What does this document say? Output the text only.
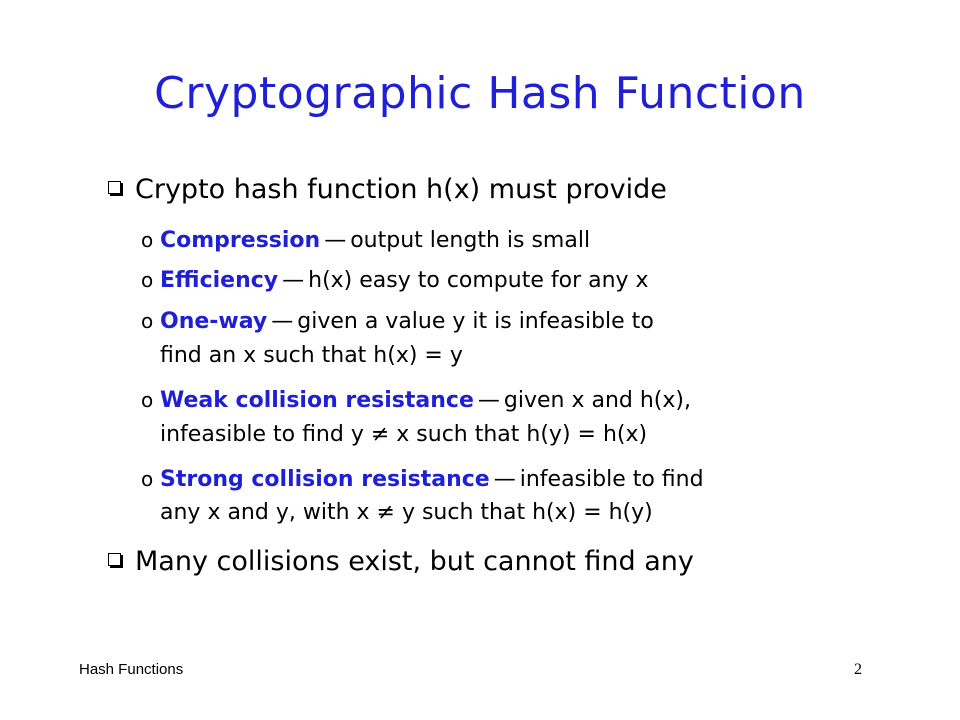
Cryptographic Hash Function
Crypto hash function h(x) must provide
o Compression — output length is small
o Efficiency — h(x) easy to compute for any x
o One-way — given a value y it is infeasible to
find an x such that h(x) = y
o Weak collision resistance — given x and h(x),
infeasible to find y ≠ x such that h(y) = h(x)
o Strong collision resistance — infeasible to find
any x and y, with x ≠ y such that h(x) = h(y)
Many collisions exist, but cannot find any
Hash Functions	2
